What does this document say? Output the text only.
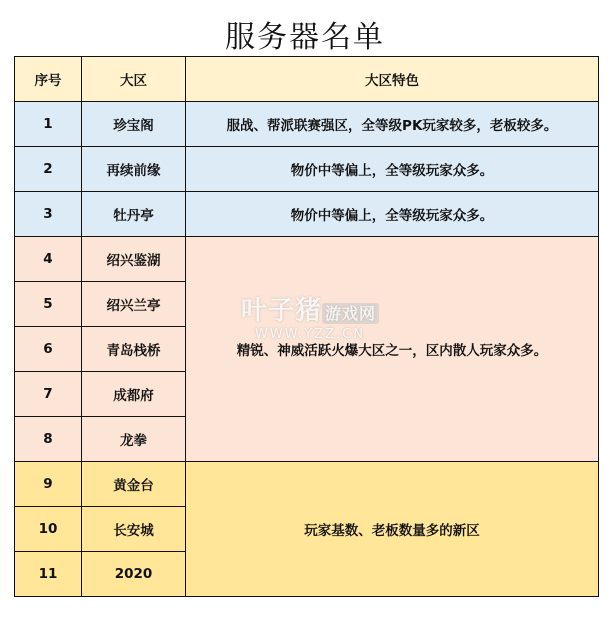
服务器名单
序号	大区	大区特色
1	珍宝阁	服战、帮派联赛强区，全等级PK玩家较多，老板较多。
2	再续前缘	物价中等偏上，全等级玩家众多。
3	牡丹亭	物价中等偏上，全等级玩家众多。
4	绍兴鉴湖	精锐、神威活跃火爆大区之一，区内散人玩家众多。
5	绍兴兰亭	
6	青岛栈桥	
7	成都府	
8	龙拳	
9	黄金台	玩家基数、老板数量多的新区
10	长安城	
11	2020	
叶子猪 游戏网
WWW.YZZ.CN
